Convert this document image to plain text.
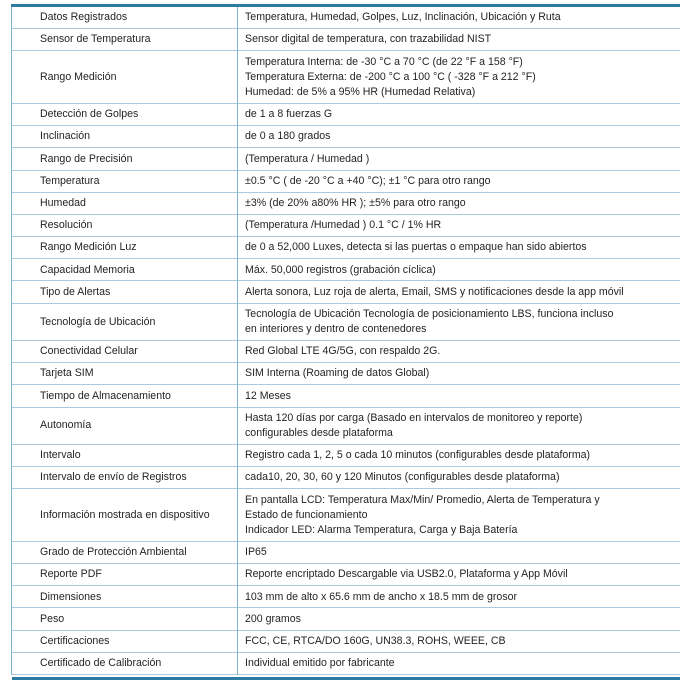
Datos Registrados	Temperatura, Humedad, Golpes, Luz, Inclinación, Ubicación y Ruta

Sensor de Temperatura	Sensor digital de temperatura, con trazabilidad NIST

Rango Medición	Temperatura Interna: de -30 °C a 70 °C (de 22 °F a 158 °F)
Temperatura Externa: de -200 °C a 100 °C ( -328 °F a 212 °F)
Humedad: de 5% a 95% HR (Humedad Relativa)

Detección de Golpes	de 1 a 8 fuerzas G

Inclinación	de 0 a 180 grados

Rango de Precisión	(Temperatura / Humedad )

Temperatura	±0.5 °C ( de -20 °C a +40 °C); ±1 °C para otro rango

Humedad	±3% (de 20% a80% HR ); ±5% para otro rango

Resolución	(Temperatura /Humedad ) 0.1 °C / 1% HR

Rango Medición Luz	de 0 a 52,000 Luxes, detecta si las puertas o empaque han sido abiertos

Capacidad Memoria	Máx. 50,000 registros (grabación cíclica)

Tipo de Alertas	Alerta sonora, Luz roja de alerta, Email, SMS y notificaciones desde la app móvil

Tecnología de Ubicación	Tecnología de Ubicación Tecnología de posicionamiento LBS, funciona incluso
en interiores y dentro de contenedores

Conectividad Celular	Red Global LTE 4G/5G, con respaldo 2G.

Tarjeta SIM	SIM Interna (Roaming de datos Global)

Tiempo de Almacenamiento	12 Meses

Autonomía	Hasta 120 días por carga (Basado en intervalos de monitoreo y reporte)
configurables desde plataforma

Intervalo	Registro cada 1, 2, 5 o cada 10 minutos (configurables desde plataforma)

Intervalo de envío de Registros	cada10, 20, 30, 60 y 120 Minutos (configurables desde plataforma)

Información mostrada en dispositivo	En pantalla LCD: Temperatura Max/Min/ Promedio, Alerta de Temperatura y
Estado de funcionamiento
Indicador LED: Alarma Temperatura, Carga y Baja Batería

Grado de Protección Ambiental	IP65

Reporte PDF	Reporte encriptado Descargable via USB2.0, Plataforma y App Móvil

Dimensiones	103 mm de alto x 65.6 mm de ancho x 18.5 mm de grosor

Peso	200 gramos

Certificaciones	FCC, CE, RTCA/DO 160G, UN38.3, ROHS, WEEE, CB

Certificado de Calibración	Individual emitido por fabricante
